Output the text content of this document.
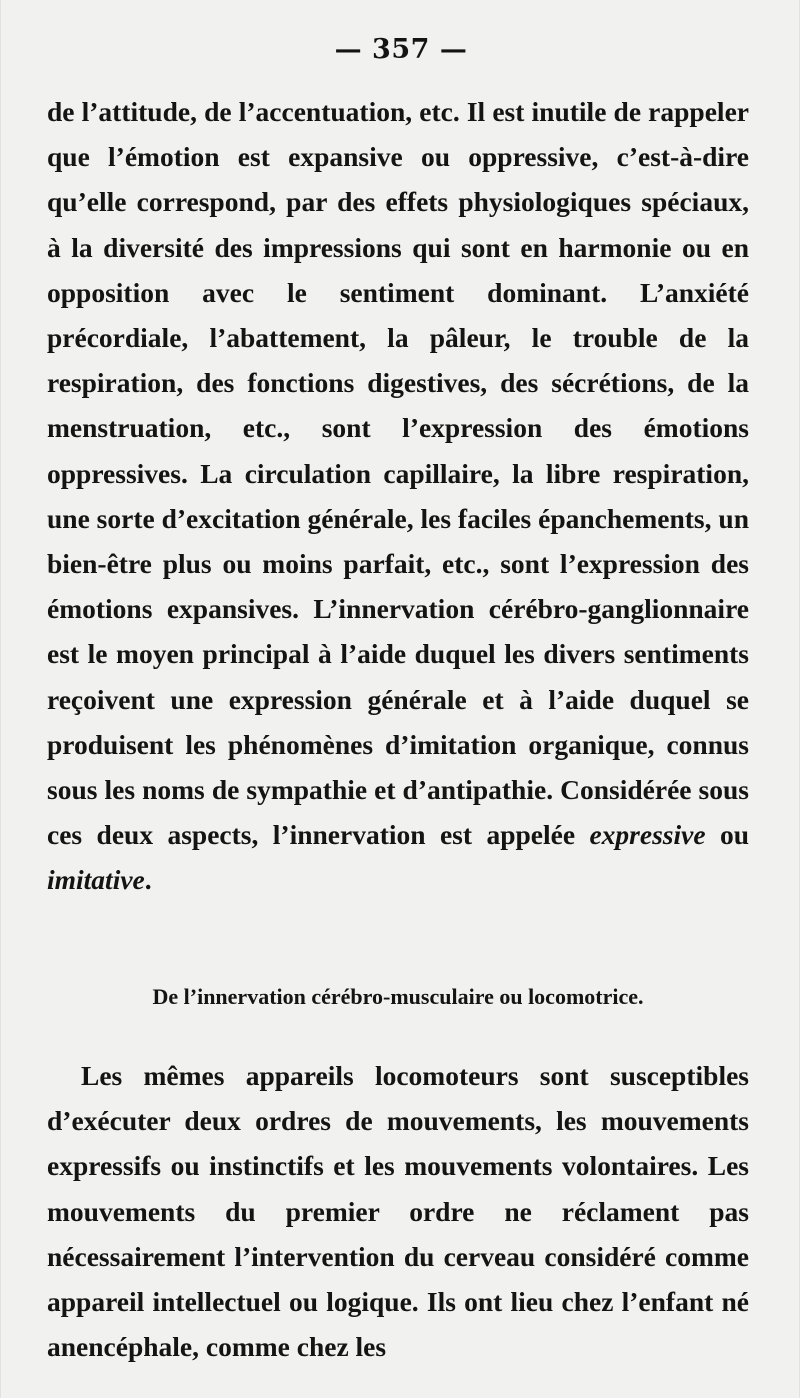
— 357 —

de l’attitude, de l’accentuation, etc. Il est inutile de rappeler que l’émotion est expansive ou oppressive, c’est-à-dire qu’elle correspond, par des effets physiologiques spéciaux, à la diversité des impressions qui sont en harmonie ou en opposition avec le sentiment dominant. L’anxiété précordiale, l’abattement, la pâleur, le trouble de la respiration, des fonctions digestives, des sécrétions, de la menstruation, etc., sont l’expression des émotions oppressives. La circulation capillaire, la libre respiration, une sorte d’excitation générale, les faciles épanchements, un bien-être plus ou moins parfait, etc., sont l’expression des émotions expansives. L’innervation cérébro-ganglionnaire est le moyen principal à l’aide duquel les divers sentiments reçoivent une expression générale et à l’aide duquel se produisent les phénomènes d’imitation organique, connus sous les noms de sympathie et d’antipathie. Considérée sous ces deux aspects, l’innervation est appelée expressive ou imitative.

De l’innervation cérébro-musculaire ou locomotrice.

Les mêmes appareils locomoteurs sont susceptibles d’exécuter deux ordres de mouvements, les mouvements expressifs ou instinctifs et les mouvements volontaires. Les mouvements du premier ordre ne réclament pas nécessairement l’intervention du cerveau considéré comme appareil intellectuel ou logique. Ils ont lieu chez l’enfant né anencéphale, comme chez les
